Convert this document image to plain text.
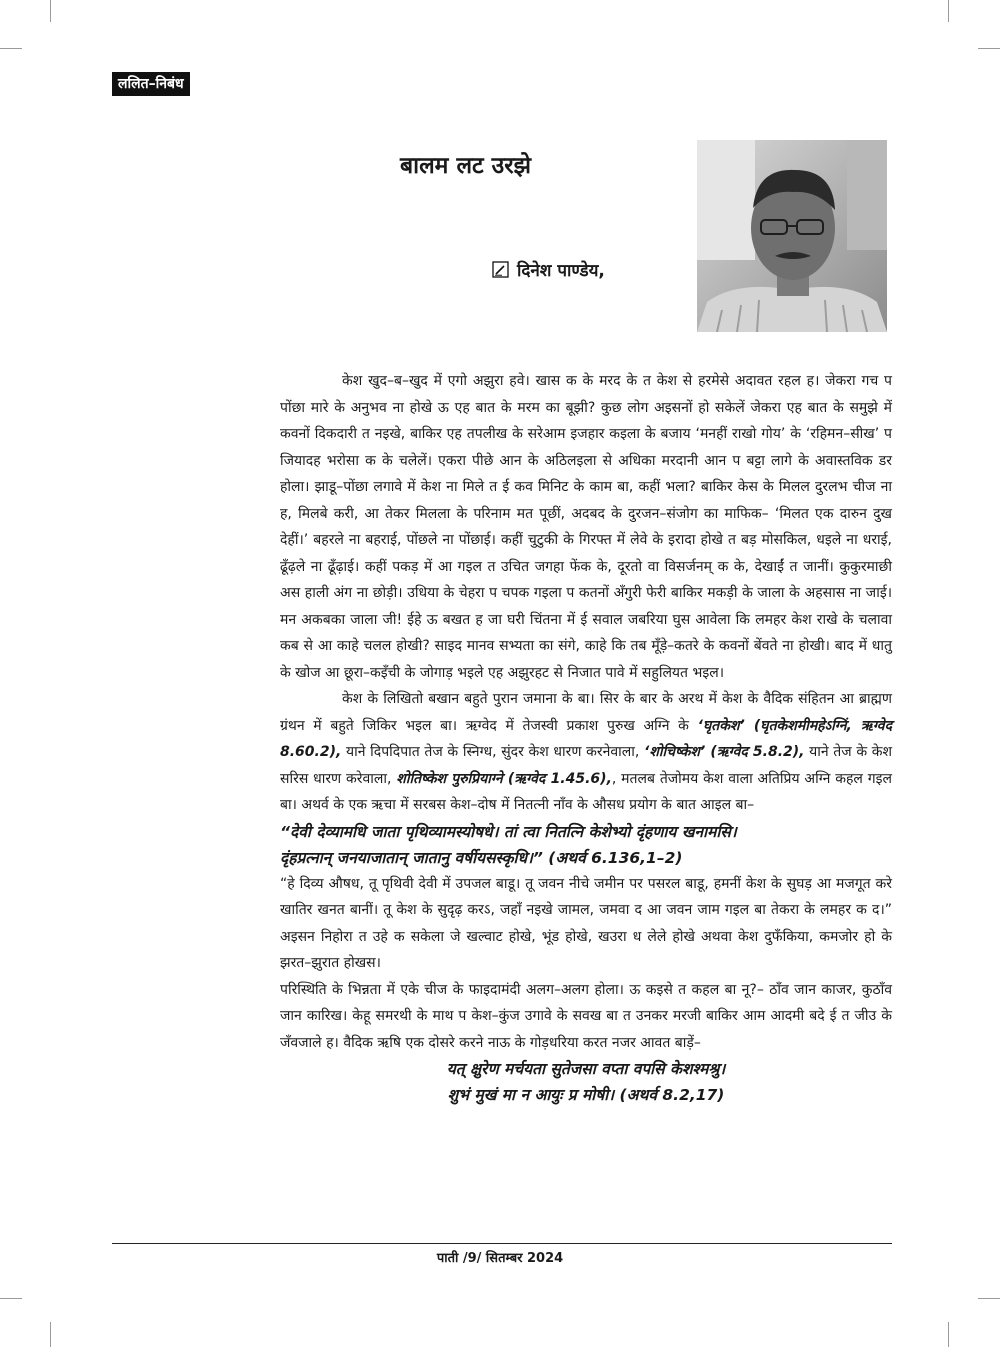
ललित–निबंध
बालम लट उरझे
दिनेश पाण्डेय,

केश खुद–ब–खुद में एगो अझुरा हवे। खास क के मरद के त केश से हरमेसे अदावत रहल ह। जेकरा गच प पोंछा मारे के अनुभव ना होखे ऊ एह बात के मरम का बूझी? कुछ लोग अइसनों हो सकेलें जेकरा एह बात के समुझे में कवनों दिकदारी त नइखे, बाकिर एह तपलीख के सरेआम इजहार कइला के बजाय ‘मनहीं राखो गोय’ के ‘रहिमन–सीख’ प जियादह भरोसा क के चलेलें। एकरा पीछे आन के अठिलइला से अधिका मरदानी आन प बट्टा लागे के अवास्तविक डर होला। झाडू–पोंछा लगावे में केश ना मिले त ई कव मिनिट के काम बा, कहीं भला? बाकिर केस के मिलल दुरलभ चीज ना ह, मिलबे करी, आ तेकर मिलला के परिनाम मत पूछीं, अदबद के दुरजन–संजोग का माफिक– ‘मिलत एक दारुन दुख देहीं।’ बहरले ना बहराई, पोंछले ना पोंछाई। कहीं चुटुकी के गिरफ्त में लेवे के इरादा होखे त बड़ मोसकिल, धइले ना धराई, ढूँढ़ले ना ढूँढ़ाई। कहीं पकड़ में आ गइल त उचित जगहा फेंक के, दूरतो वा विसर्जनम् क के, देखाईं त जानीं। कुकुरमाछी अस हाली अंग ना छोड़ी। उधिया के चेहरा प चपक गइला प कतनों अँगुरी फेरी बाकिर मकड़ी के जाला के अहसास ना जाई। मन अकबका जाला जी! ईहे ऊ बखत ह जा घरी चिंतना में ई सवाल जबरिया घुस आवेला कि लमहर केश राखे के चलावा कब से आ काहे चलल होखी? साइद मानव सभ्यता का संगे, काहे कि तब मूँड़े–कतरे के कवनों बेंवते ना होखी। बाद में धातु के खोज आ छूरा–कइँची के जोगाड़ भइले एह अझुरहट से निजात पावे में सहुलियत भइल।

केश के लिखितो बखान बहुते पुरान जमाना के बा। सिर के बार के अरथ में केश के वैदिक संहितन आ ब्राह्मण ग्रंथन में बहुते जिकिर भइल बा। ऋग्वेद में तेजस्वी प्रकाश पुरुख अग्नि के ‘घृतकेश’ (घृतकेशमीमहेऽग्निं, ऋग्वेद 8.60.2), याने दिपदिपात तेज के स्निग्ध, सुंदर केश धारण करनेवाला, ‘शोचिष्केश’ (ऋग्वेद 5.8.2), याने तेज के केश सरिस धारण करेवाला, शोतिष्केश पुरुप्रियाग्ने (ऋग्वेद 1.45.6),, मतलब तेजोमय केश वाला अतिप्रिय अग्नि कहल गइल बा। अथर्व के एक ऋचा में सरबस केश–दोष में नितत्नी नाँव के औसध प्रयोग के बात आइल बा–

“देवी देव्यामधि जाता पृथिव्यामस्योषधे। तां त्वा नितत्नि केशेभ्यो दृंहणाय खनामसि।

दृंहप्रत्नान् जनयाजातान् जातानु वर्षीयसस्कृधि।” (अथर्व 6.136,1–2)

“हे दिव्य औषध, तू पृथिवी देवी में उपजल बाडू। तू जवन नीचे जमीन पर पसरल बाडू, हमनीं केश के सुघड़ आ मजगूत करे खातिर खनत बानीं। तू केश के सुदृढ़ करऽ, जहाँ नइखे जामल, जमवा द आ जवन जाम गइल बा तेकरा के लमहर क द।” अइसन निहोरा त उहे क सकेला जे खल्वाट होखे, भूंड होखे, खउरा ध लेले होखे अथवा केश दुफँकिया, कमजोर हो के झरत–झुरात होखस।

परिस्थिति के भिन्नता में एके चीज के फाइदामंदी अलग–अलग होला। ऊ कइसे त कहल बा नू?– ठाँव जान काजर, कुठाँव जान कारिख। केहू समरथी के माथ प केश–कुंज उगावे के सवख बा त उनकर मरजी बाकिर आम आदमी बदे ई त जीउ के जँवजाले ह। वैदिक ऋषि एक दोसरे करने नाऊ के गोड़धरिया करत नजर आवत बाड़ें–

यत् क्षुरेण मर्चयता सुतेजसा वप्ता वपसि केशश्मश्रु।

शुभं मुखं मा न आयुः प्र मोषी। (अथर्व 8.2,17)

पाती /9/ सितम्बर 2024
